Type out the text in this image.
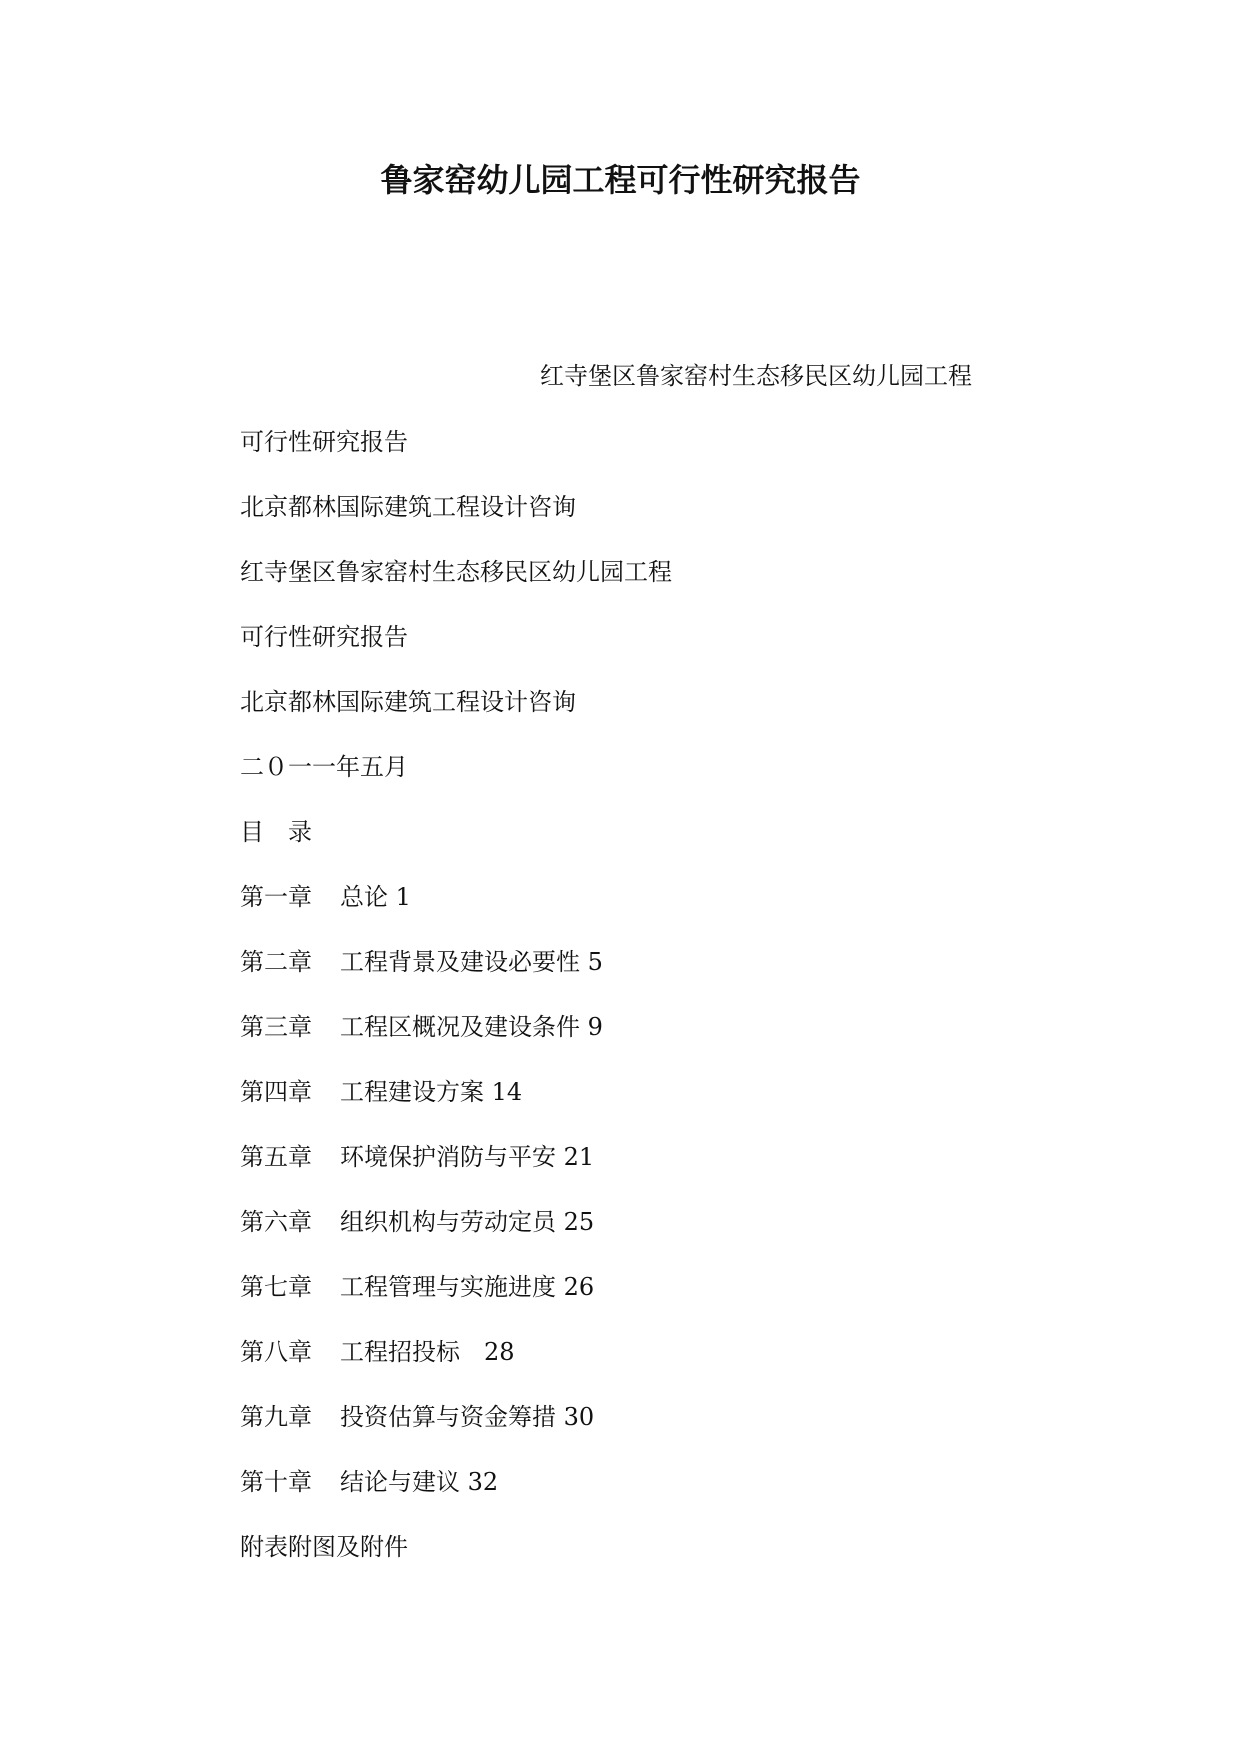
鲁家窑幼儿园工程可行性研究报告
红寺堡区鲁家窑村生态移民区幼儿园工程
可行性研究报告
北京都林国际建筑工程设计咨询
红寺堡区鲁家窑村生态移民区幼儿园工程
可行性研究报告
北京都林国际建筑工程设计咨询
二０一一年五月
目 录
第一章 总论 1
第二章 工程背景及建设必要性 5
第三章 工程区概况及建设条件 9
第四章 工程建设方案 14
第五章 环境保护消防与平安 21
第六章 组织机构与劳动定员 25
第七章 工程管理与实施进度 26
第八章 工程招投标　28
第九章 投资估算与资金筹措 30
第十章 结论与建议 32
附表附图及附件
